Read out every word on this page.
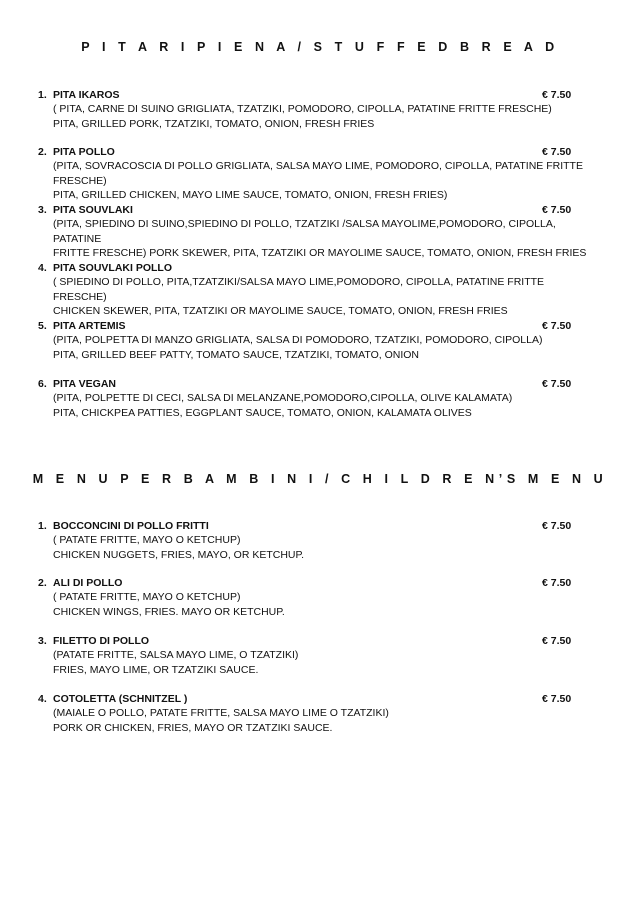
P I T A R I P I E N A / S T U F F E D B R E A D
1. PITA IKAROS	€ 7.50
( PITA, CARNE DI SUINO GRIGLIATA, TZATZIKI, POMODORO, CIPOLLA, PATATINE FRITTE FRESCHE)
PITA, GRILLED PORK, TZATZIKI, TOMATO, ONION, FRESH FRIES
2. PITA POLLO	€ 7.50
(PITA, SOVRACOSCIA DI POLLO GRIGLIATA, SALSA MAYO LIME, POMODORO, CIPOLLA, PATATINE FRITTE FRESCHE)
PITA, GRILLED CHICKEN, MAYO LIME SAUCE, TOMATO, ONION, FRESH FRIES)
3. PITA SOUVLAKI	€ 7.50
(PITA, SPIEDINO DI SUINO,SPIEDINO DI POLLO, TZATZIKI /SALSA MAYOLIME,POMODORO, CIPOLLA, PATATINE
FRITTE FRESCHE) PORK SKEWER, PITA, TZATZIKI OR MAYOLIME SAUCE, TOMATO, ONION, FRESH FRIES
4. PITA SOUVLAKI POLLO
( SPIEDINO DI POLLO, PITA,TZATZIKI/SALSA MAYO LIME,POMODORO, CIPOLLA, PATATINE FRITTE FRESCHE)
CHICKEN SKEWER, PITA, TZATZIKI OR MAYOLIME SAUCE, TOMATO, ONION, FRESH FRIES
5. PITA ARTEMIS	€ 7.50
(PITA, POLPETTA DI MANZO GRIGLIATA, SALSA DI POMODORO, TZATZIKI, POMODORO, CIPOLLA)
PITA, GRILLED BEEF PATTY, TOMATO SAUCE, TZATZIKI, TOMATO, ONION
6. PITA VEGAN	€ 7.50
(PITA, POLPETTE DI CECI, SALSA DI MELANZANE,POMODORO,CIPOLLA, OLIVE KALAMATA)
PITA, CHICKPEA PATTIES, EGGPLANT SAUCE, TOMATO, ONION, KALAMATA OLIVES
M E N U P E R B A M B I N I / C H I L D R E N’S M E N U
1. BOCCONCINI DI POLLO FRITTI	€ 7.50
( PATATE FRITTE, MAYO O KETCHUP)
CHICKEN NUGGETS, FRIES, MAYO, OR KETCHUP.
2. ALI DI POLLO	€ 7.50
( PATATE FRITTE, MAYO O KETCHUP)
CHICKEN WINGS, FRIES. MAYO OR KETCHUP.
3. FILETTO DI POLLO	€ 7.50
(PATATE FRITTE, SALSA MAYO LIME, O TZATZIKI)
FRIES, MAYO LIME, OR TZATZIKI SAUCE.
4. COTOLETTA (SCHNITZEL )	€ 7.50
(MAIALE O POLLO, PATATE FRITTE, SALSA MAYO LIME O TZATZIKI)
PORK OR CHICKEN, FRIES, MAYO OR TZATZIKI SAUCE.
